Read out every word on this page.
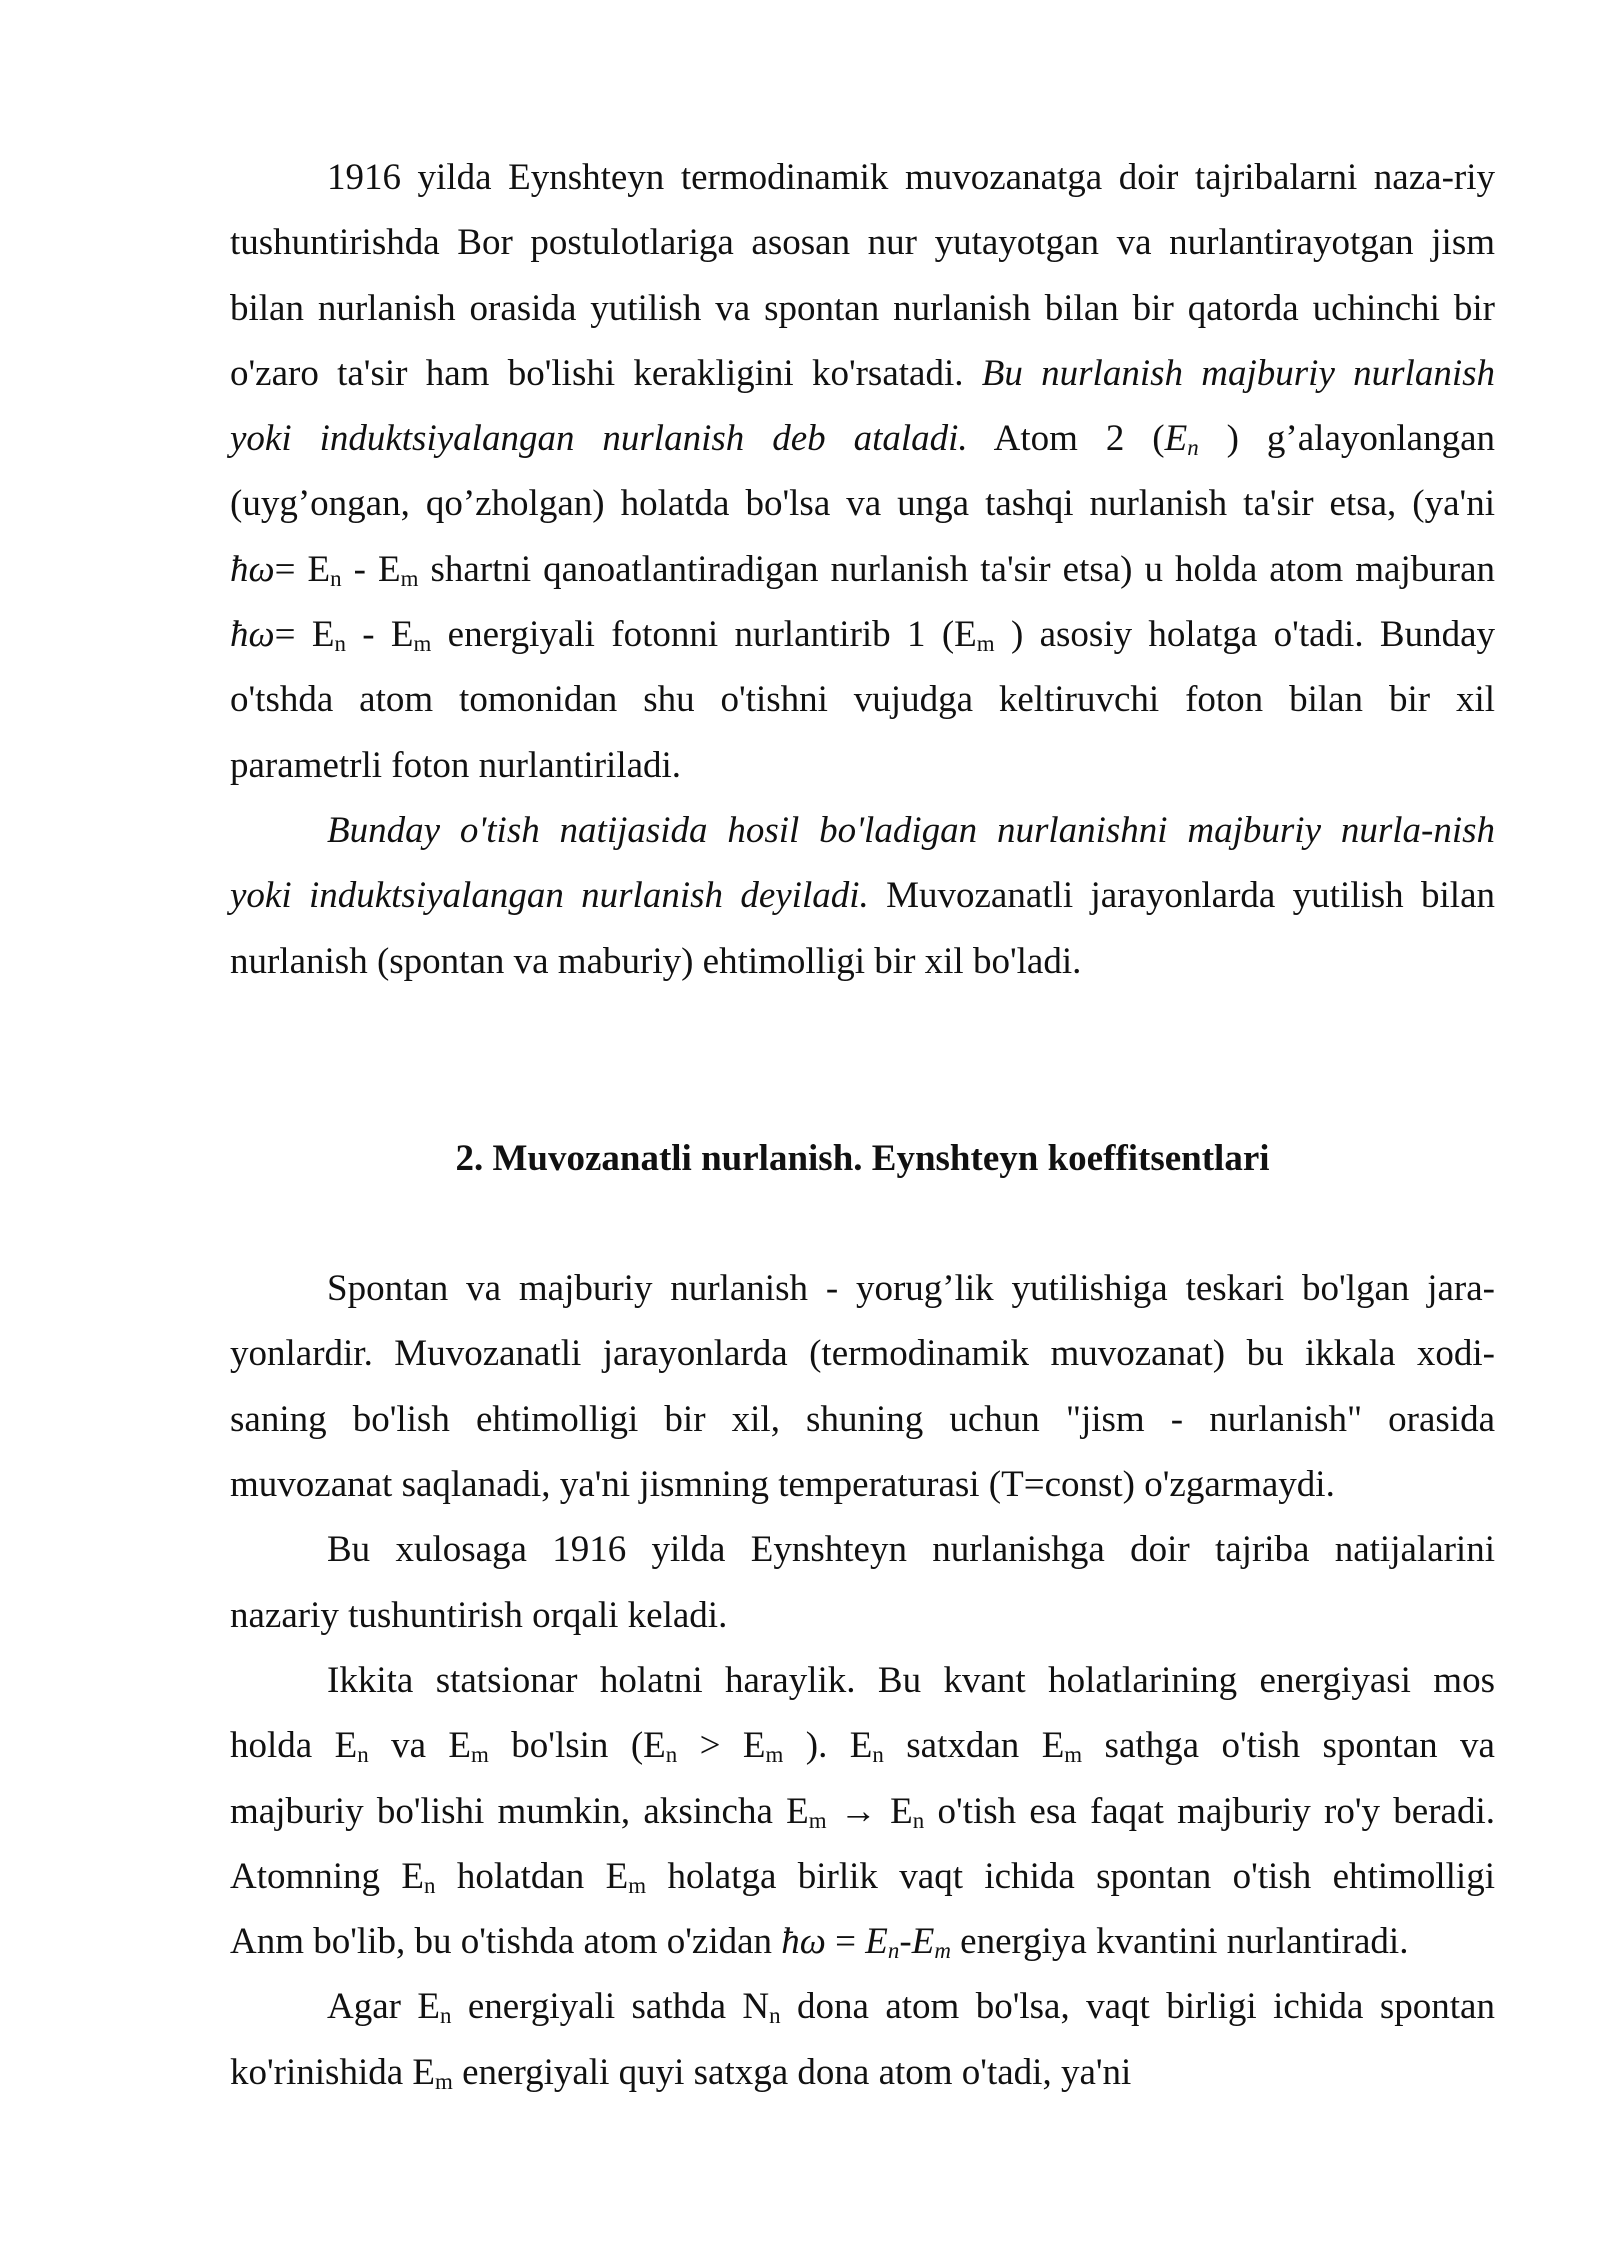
1916 yilda Eynshteyn termodinamik muvozanatga doir tajribalarni naza-riy
tushuntirishda Bor postulotlariga asosan nur yutayotgan va nurlantirayotgan jism
bilan nurlanish orasida yutilish va spontan nurlanish bilan bir qatorda uchinchi bir
o'zaro ta'sir ham bo'lishi kerakligini ko'rsatadi. Bu nurlanish majburiy nurlanish
yoki induktsiyalangan nurlanish deb ataladi. Atom 2 ($E_n$ ) g’alayonlangan
(uyg’ongan, qo’zholgan) holatda bo'lsa va unga tashqi nurlanish ta'sir etsa, (ya'ni
ħω= $E_n - E_m$ shartni qanoatlantiradigan nurlanish ta'sir etsa) u holda atom majburan
ħω= $E_n - E_m$ energiyali fotonni nurlantirib 1 ($E_m$ ) asosiy holatga o'tadi. Bunday
o'tshda atom tomonidan shu o'tishni vujudga keltiruvchi foton bilan bir xil
parametrli foton nurlantiriladi.
Bunday o'tish natijasida hosil bo'ladigan nurlanishni majburiy nurla-nish
yoki induktsiyalangan nurlanish deyiladi. Muvozanatli jarayonlarda yutilish bilan
nurlanish (spontan va maburiy) ehtimolligi bir xil bo'ladi.
2. Muvozanatli nurlanish. Eynshteyn koeffitsentlari
Spontan va majburiy nurlanish - yorug’lik yutilishiga teskari bo'lgan jara-
yonlardir. Muvozanatli jarayonlarda (termodinamik muvozanat) bu ikkala xodi-
saning bo'lish ehtimolligi bir xil, shuning uchun "jism - nurlanish" orasida
muvozanat saqlanadi, ya'ni jismning temperaturasi (T=const) o'zgarmaydi.
Bu xulosaga 1916 yilda Eynshteyn nurlanishga doir tajriba natijalarini
nazariy tushuntirish orqali keladi.
Ikkita statsionar holatni haraylik. Bu kvant holatlarining energiyasi mos
holda $E_n$ va $E_m$ bo'lsin ($E_n > E_m$ ). $E_n$ satxdan $E_m$ sathga o'tish spontan va
majburiy bo'lishi mumkin, aksincha $E_m \to E_n$ o'tish esa faqat majburiy ro'y beradi.
Atomning $E_n$ holatdan $E_m$ holatga birlik vaqt ichida spontan o'tish ehtimolligi
Anm bo'lib, bu o'tishda atom o'zidan ħω = $E_n-E_m$ energiya kvantini nurlantiradi.
Agar $E_n$ energiyali sathda $N_n$ dona atom bo'lsa, vaqt birligi ichida spontan
ko'rinishida $E_m$ energiyali quyi satxga dona atom o'tadi, ya'ni
